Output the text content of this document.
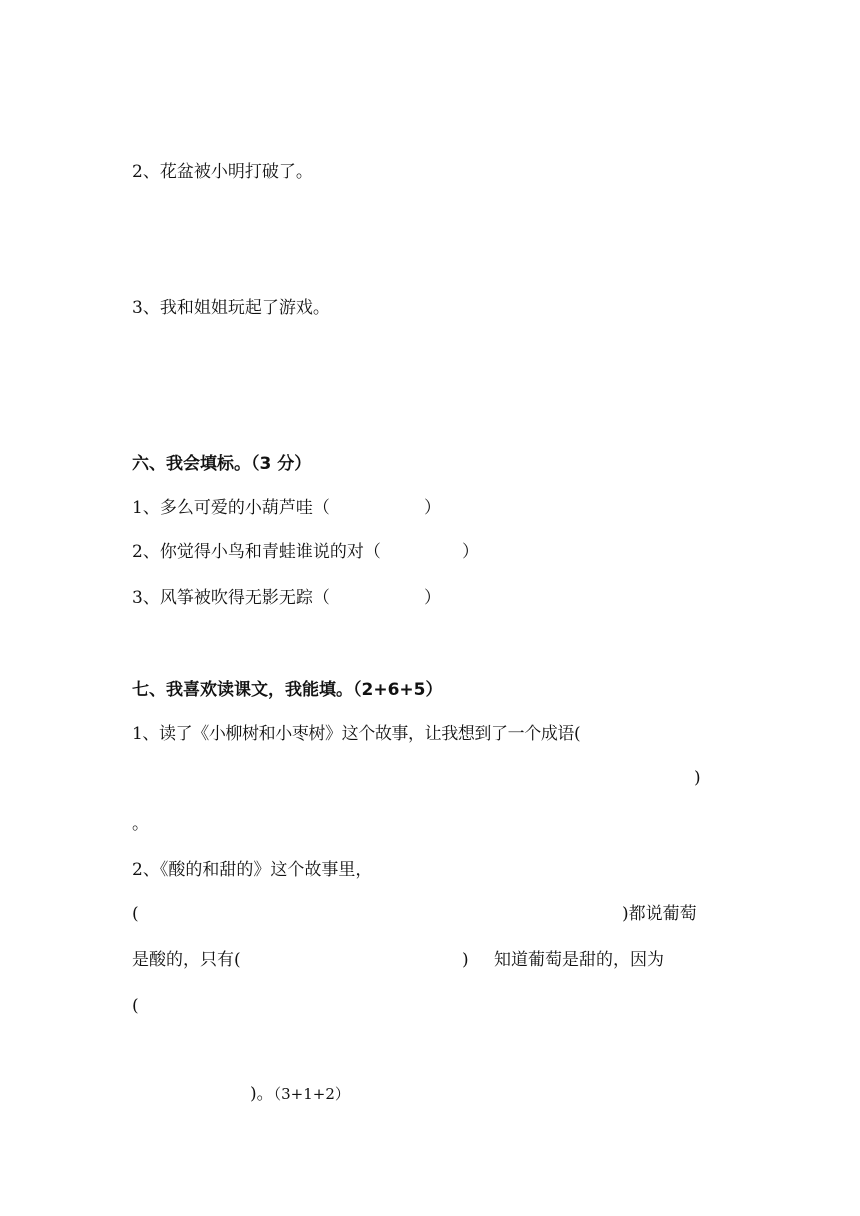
2、花盆被小明打破了。
3、我和姐姐玩起了游戏。
六、我会填标。（3 分）
1、多么可爱的小葫芦哇（	）
2、你觉得小鸟和青蛙谁说的对（	）
3、风筝被吹得无影无踪（	）
七、我喜欢读课文，我能填。（2+6+5）
1、读了《小柳树和小枣树》这个故事，让我想到了一个成语(
)
。
2、《酸的和甜的》这个故事里，
(	)都说葡萄
是酸的，只有(	) 知道葡萄是甜的，因为
(
)。（3+1+2）
